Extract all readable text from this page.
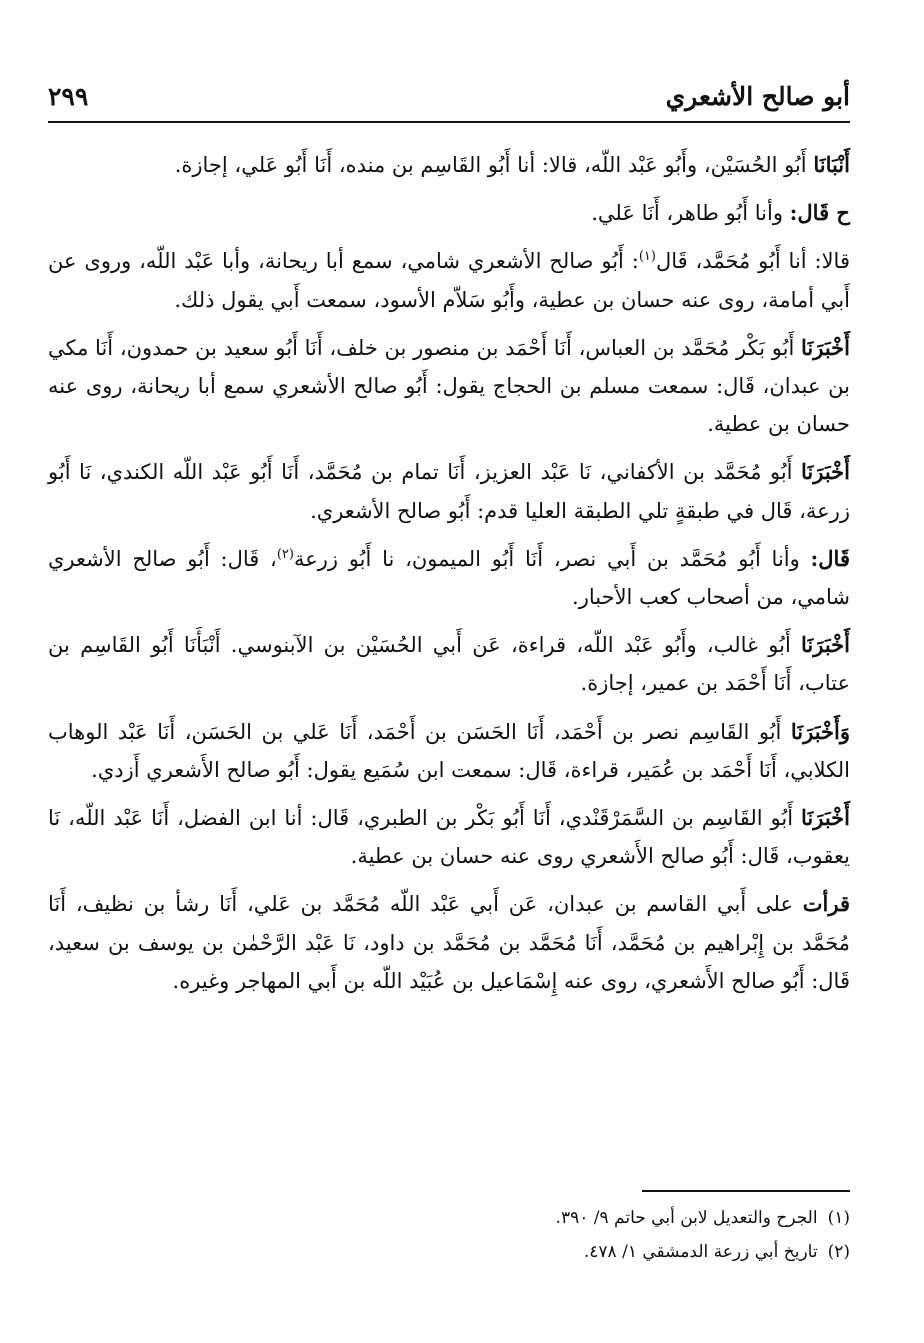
أبو صالح الأشعري
٢٩٩

أَنْبَانَا أَبُو الحُسَيْن، وأَبُو عَبْد اللّه، قالا: أنا أَبُو القَاسِم بن منده، أَنَا أَبُو عَلي، إجازة.

ح قَال: وأنا أَبُو طاهر، أَنَا عَلي.

قالا: أنا أَبُو مُحَمَّد، قَال$^{(١)}$: أَبُو صالح الأشعري شامي، سمع أبا ريحانة، وأبا عَبْد اللّه، وروى عن أَبي أمامة، روى عنه حسان بن عطية، وأَبُو سَلاّم الأسود، سمعت أَبي يقول ذلك.

أَخْبَرَنَا أَبُو بَكْر مُحَمَّد بن العباس، أَنَا أَحْمَد بن منصور بن خلف، أَنَا أَبُو سعيد بن حمدون، أَنَا مكي بن عبدان، قَال: سمعت مسلم بن الحجاج يقول: أَبُو صالح الأشعري سمع أبا ريحانة، روى عنه حسان بن عطية.

أَخْبَرَنَا أَبُو مُحَمَّد بن الأكفاني، نَا عَبْد العزيز، أَنَا تمام بن مُحَمَّد، أَنَا أَبُو عَبْد اللّه الكندي، نَا أَبُو زرعة، قَال في طبقةٍ تلي الطبقة العليا قدم: أَبُو صالح الأشعري.

قَال: وأنا أَبُو مُحَمَّد بن أَبي نصر، أَنَا أَبُو الميمون، نا أَبُو زرعة$^{(٢)}$، قَال: أَبُو صالح الأشعري شامي، من أصحاب كعب الأحبار.

أَخْبَرَنَا أَبُو غالب، وأَبُو عَبْد اللّه، قراءة، عَن أَبي الحُسَيْن بن الآبنوسي. أَنْبَأَنَا أَبُو القَاسِم بن عتاب، أَنَا أَحْمَد بن عمير، إجازة.

وَأَخْبَرَنَا أَبُو القَاسِم نصر بن أَحْمَد، أَنَا الحَسَن بن أَحْمَد، أَنَا عَلي بن الحَسَن، أَنَا عَبْد الوهاب الكلابي، أَنَا أَحْمَد بن عُمَير، قراءة، قَال: سمعت ابن سُمَيع يقول: أَبُو صالح الأَشعري أَزدي.

أَخْبَرَنَا أَبُو القَاسِم بن السَّمَرْقَنْدي، أَنَا أَبُو بَكْر بن الطبري، قَال: أنا ابن الفضل، أَنَا عَبْد اللّه، نَا يعقوب، قَال: أَبُو صالح الأَشعري روى عنه حسان بن عطية.

قرأت على أَبي القاسم بن عبدان، عَن أَبي عَبْد اللّه مُحَمَّد بن عَلي، أَنَا رشأ بن نظيف، أَنَا مُحَمَّد بن إِبْراهيم بن مُحَمَّد، أَنَا مُحَمَّد بن مُحَمَّد بن داود، نَا عَبْد الرَّحْمٰن بن يوسف بن سعيد، قَال: أَبُو صالح الأَشعري، روى عنه إِسْمَاعيل بن عُبَيْد اللّه بن أَبي المهاجر وغيره.

(١)الجرح والتعديل لابن أبي حاتم ٩/ ٣٩٠.
(٢)تاريخ أبي زرعة الدمشقي ١/ ٤٧٨.
